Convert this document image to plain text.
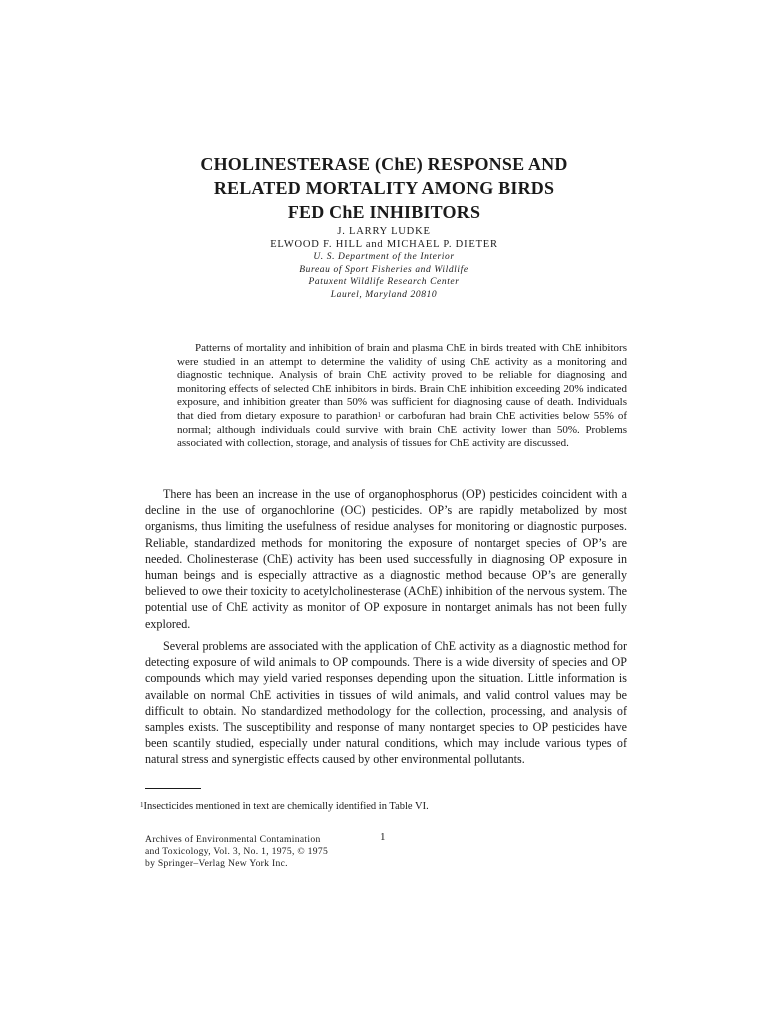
CHOLINESTERASE (ChE) RESPONSE AND
RELATED MORTALITY AMONG BIRDS
FED ChE INHIBITORS
J. LARRY LUDKE
ELWOOD F. HILL and MICHAEL P. DIETER
U. S. Department of the Interior
Bureau of Sport Fisheries and Wildlife
Patuxent Wildlife Research Center
Laurel, Maryland 20810

Patterns of mortality and inhibition of brain and plasma ChE in birds treated with ChE inhibitors were studied in an attempt to determine the validity of using ChE activity as a monitoring and diagnostic technique. Analysis of brain ChE activity proved to be reliable for diagnosing and monitoring effects of selected ChE inhibitors in birds. Brain ChE inhibition exceeding 20% indicated exposure, and inhibition greater than 50% was sufficient for diagnosing cause of death. Individuals that died from dietary exposure to parathion$^1$ or carbofuran had brain ChE activities below 55% of normal; although individuals could survive with brain ChE activity lower than 50%. Problems associated with collection, storage, and analysis of tissues for ChE activity are discussed.

There has been an increase in the use of organophosphorus (OP) pesticides coincident with a decline in the use of organochlorine (OC) pesticides. OP’s are rapidly metabolized by most organisms, thus limiting the usefulness of residue analyses for monitoring or diagnostic purposes. Reliable, standardized methods for monitoring the exposure of nontarget species of OP’s are needed. Cholinesterase (ChE) activity has been used successfully in diagnosing OP exposure in human beings and is especially attractive as a diagnostic method because OP’s are generally believed to owe their toxicity to acetylcholinesterase (AChE) inhibition of the nervous system. The potential use of ChE activity as monitor of OP exposure in nontarget animals has not been fully explored.

Several problems are associated with the application of ChE activity as a diagnostic method for detecting exposure of wild animals to OP compounds. There is a wide diversity of species and OP compounds which may yield varied responses depending upon the situation. Little information is available on normal ChE activities in tissues of wild animals, and valid control values may be difficult to obtain. No standardized methodology for the collection, processing, and analysis of samples exists. The susceptibility and response of many nontarget species to OP pesticides have been scantily studied, especially under natural conditions, which may include various types of natural stress and synergistic effects caused by other environmental pollutants.

$^1$Insecticides mentioned in text are chemically identified in Table VI.
Archives of Environmental Contamination
and Toxicology, Vol. 3, No. 1, 1975, © 1975
by Springer–Verlag New York Inc.
1
